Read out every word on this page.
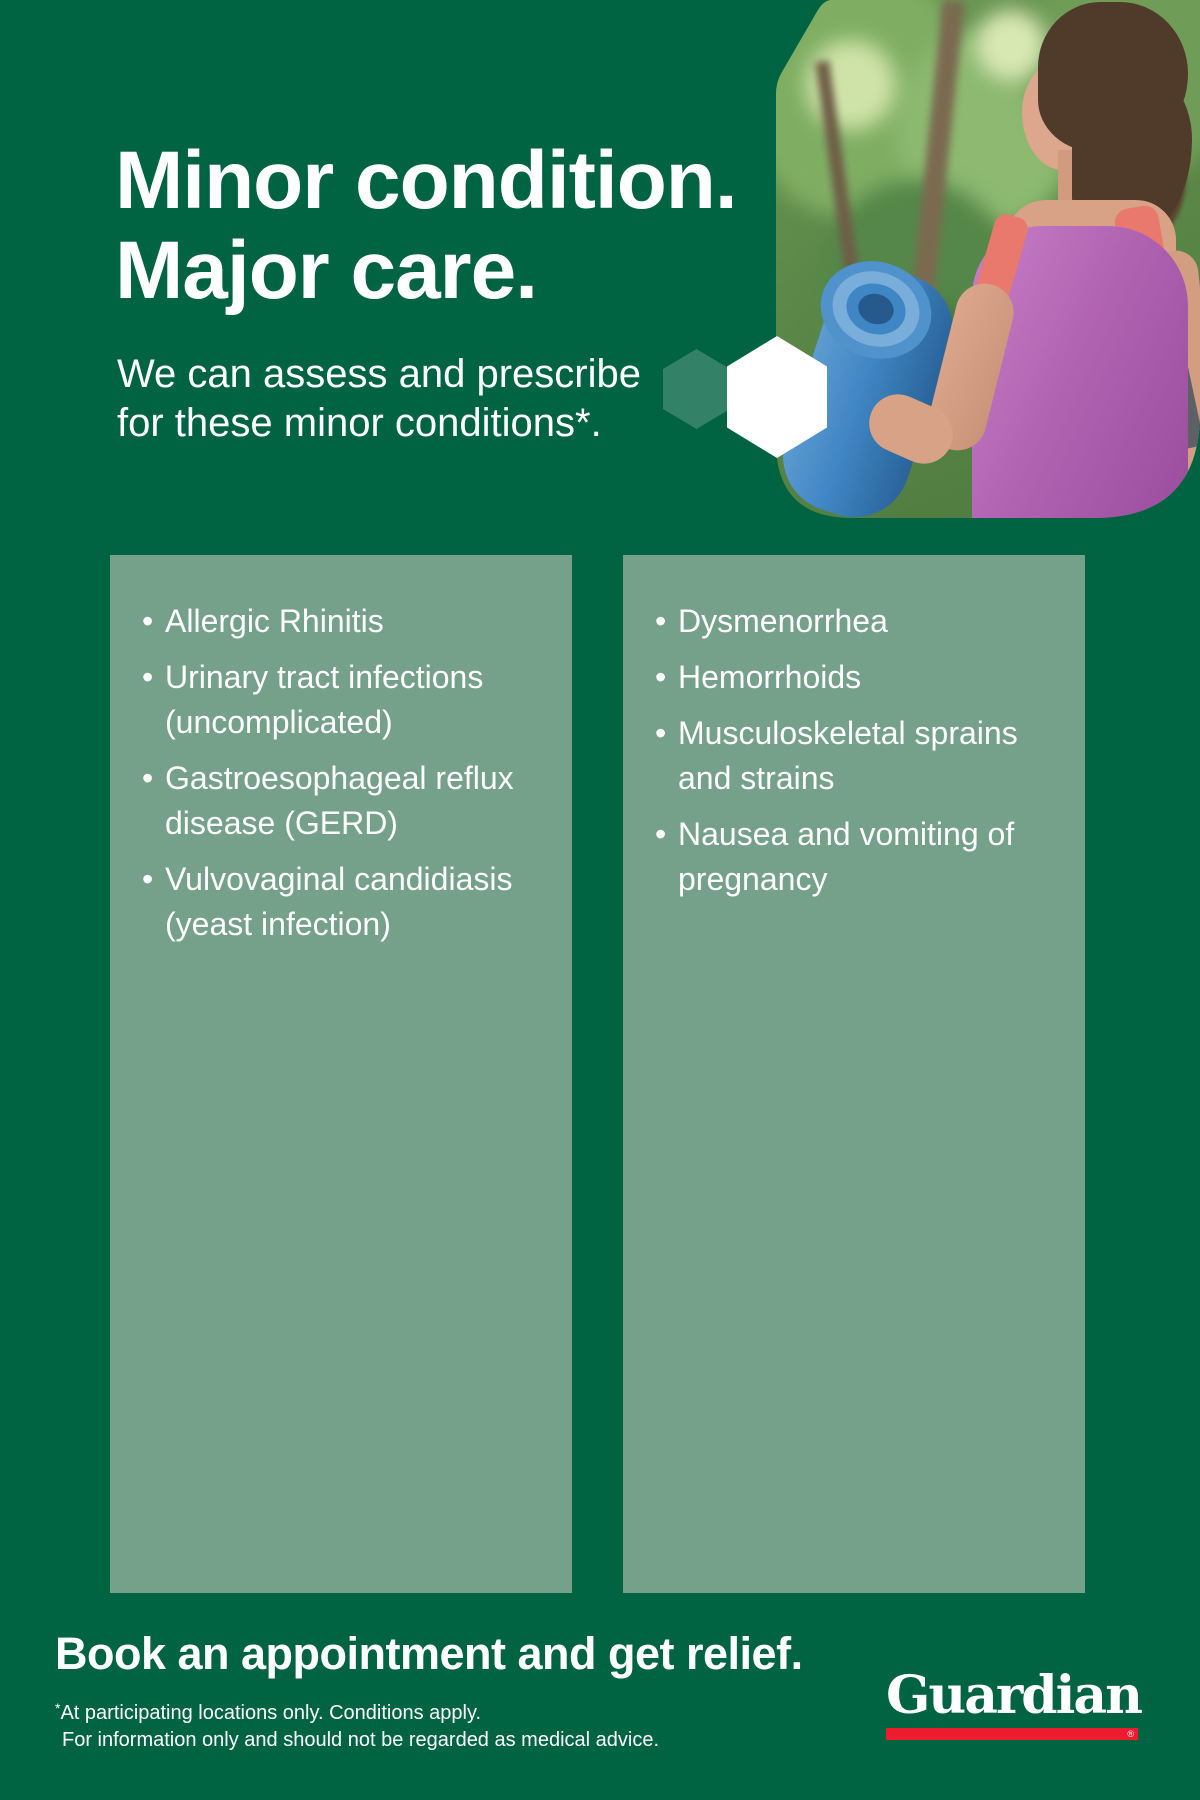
Minor condition.
Major care.
We can assess and prescribe
for these minor conditions*.
• Allergic Rhinitis
• Urinary tract infections (uncomplicated)
• Gastroesophageal reflux disease (GERD)
• Vulvovaginal candidiasis (yeast infection)
• Dysmenorrhea
• Hemorrhoids
• Musculoskeletal sprains and strains
• Nausea and vomiting of pregnancy
Book an appointment and get relief.
*At participating locations only. Conditions apply.
For information only and should not be regarded as medical advice.
Guardian
®
